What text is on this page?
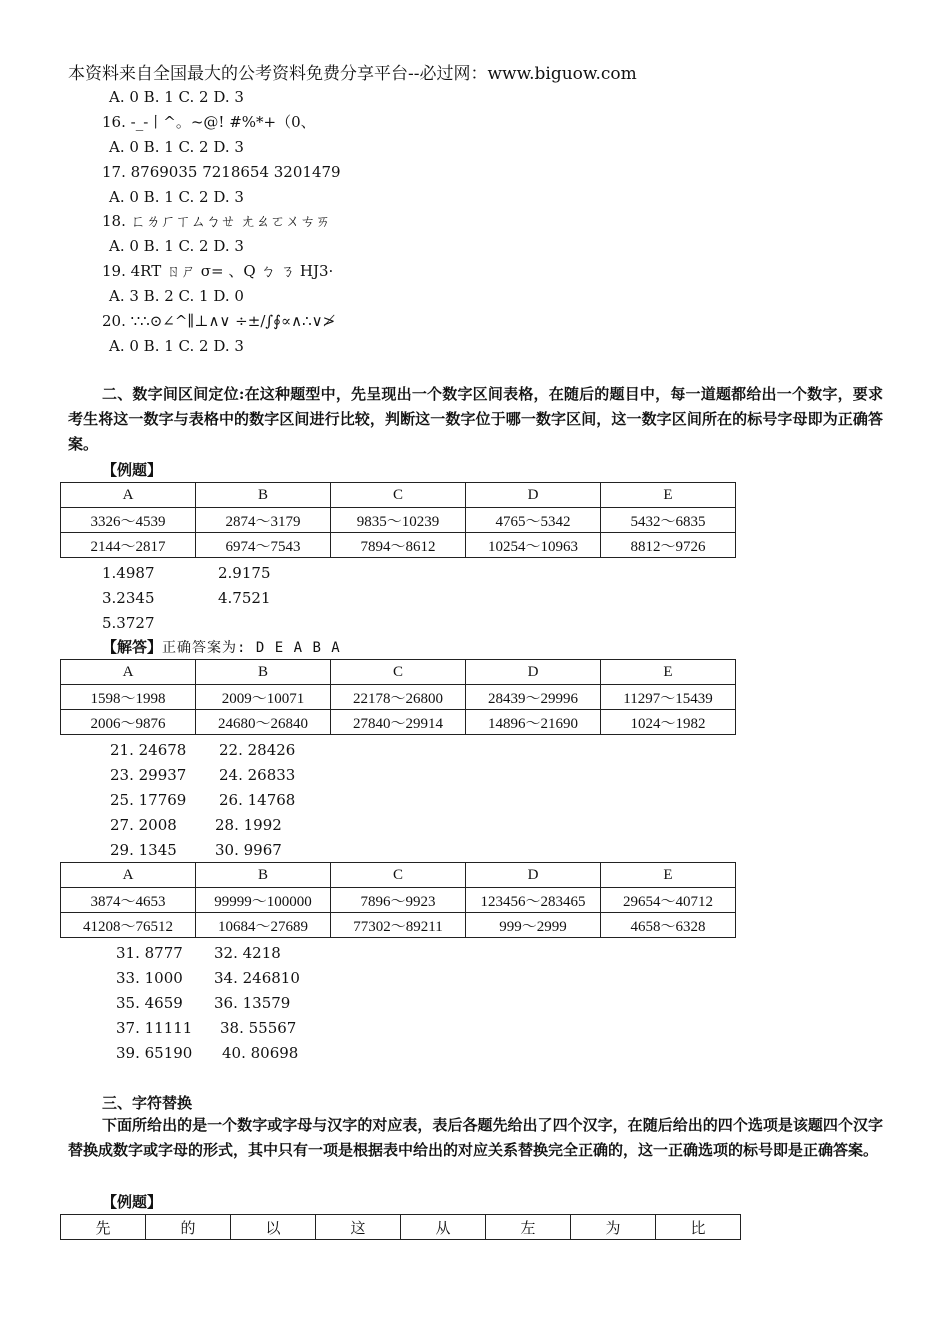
本资料来自全国最大的公考资料免费分享平台--必过网：www.biguow.com
A. 0 B. 1 C. 2 D. 3
16. -_-丨^。~@! #%*+（0、
A. 0 B. 1 C. 2 D. 3
17. 8769035 7218654 3201479
A. 0 B. 1 C. 2 D. 3
18. ㄈㄌㄏㄒㄙㄅㄝ ㄤㄠㄛㄨㄘㄞ
A. 0 B. 1 C. 2 D. 3
19. 4RT ㄖㄕ σ= 、Q ㄅ ㄋ HJ3·
A. 3 B. 2 C. 1 D. 0
20. ∵∴⊙∠^∥⊥∧∨ ÷±/∫∮∝∧∴∨≯
A. 0 B. 1 C. 2 D. 3
二、数字间区间定位:在这种题型中，先呈现出一个数字区间表格，在随后的题目中，每一道题都给出一个数字，要求考生将这一数字与表格中的数字区间进行比较，判断这一数字位于哪一数字区间，这一数字区间所在的标号字母即为正确答案。
【例题】
A	B	C	D	E
3326～4539	2874～3179	9835～10239	4765～5342	5432～6835
2144～2817	6974～7543	7894～8612	10254～10963	8812～9726
1.4987	2.9175
3.2345	4.7521
5.3727
【解答】正确答案为: D E A B A
A	B	C	D	E
1598～1998	2009～10071	22178～26800	28439～29996	11297～15439
2006～9876	24680～26840	27840～29914	14896～21690	1024～1982
21. 24678 22. 28426
23. 29937 24. 26833
25. 17769 26. 14768
27. 2008	28. 1992
29. 1345	30. 9967
A	B	C	D	E
3874～4653	99999～100000	7896～9923	123456～283465	29654～40712
41208～76512	10684～27689	77302～89211	999～2999	4658～6328
31. 8777 32. 4218
33. 1000 34. 246810
35. 4659 36. 13579
37. 11111 38. 55567
39. 65190 40. 80698
三、字符替换
下面所给出的是一个数字或字母与汉字的对应表，表后各题先给出了四个汉字，在随后给出的四个选项是该题四个汉字替换成数字或字母的形式，其中只有一项是根据表中给出的对应关系替换完全正确的，这一正确选项的标号即是正确答案。
【例题】
先	的	以	这	从	左	为	比
